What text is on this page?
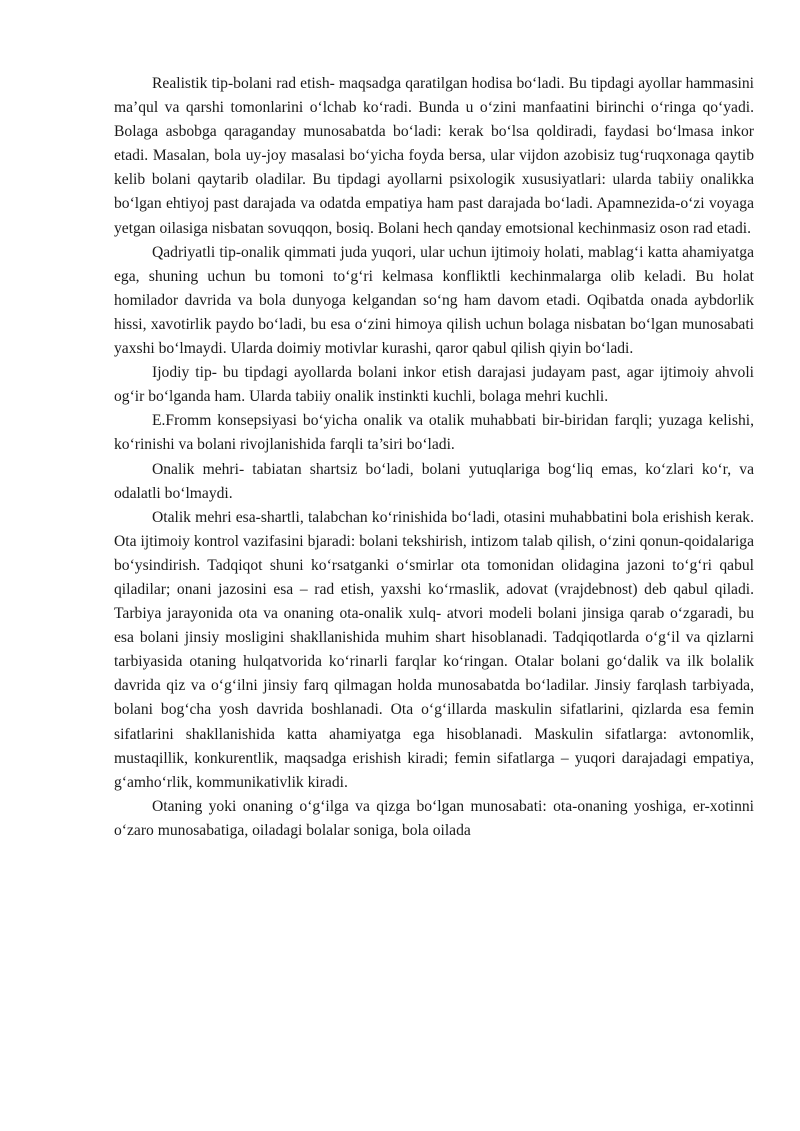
Realistik tip-bolani rad etish- maqsadga qaratilgan hodisa bo‘ladi. Bu tipdagi ayollar hammasini ma’qul va qarshi tomonlarini o‘lchab ko‘radi. Bunda u o‘zini manfaatini birinchi o‘ringa qo‘yadi. Bolaga asbobga qaraganday munosabatda bo‘ladi: kerak bo‘lsa qoldiradi, faydasi bo‘lmasa inkor etadi. Masalan, bola uy-joy masalasi bo‘yicha foyda bersa, ular vijdon azobisiz tug‘ruqxonaga qaytib kelib bolani qaytarib oladilar. Bu tipdagi ayollarni psixologik xususiyatlari: ularda tabiiy onalikka bo‘lgan ehtiyoj past darajada va odatda empatiya ham past darajada bo‘ladi. Apamnezida-o‘zi voyaga yetgan oilasiga nisbatan sovuqqon, bosiq. Bolani hech qanday emotsional kechinmasiz oson rad etadi.

Qadriyatli tip-onalik qimmati juda yuqori, ular uchun ijtimoiy holati, mablag‘i katta ahamiyatga ega, shuning uchun bu tomoni to‘g‘ri kelmasa konfliktli kechinmalarga olib keladi. Bu holat homilador davrida va bola dunyoga kelgandan so‘ng ham davom etadi. Oqibatda onada aybdorlik hissi, xavotirlik paydo bo‘ladi, bu esa o‘zini himoya qilish uchun bolaga nisbatan bo‘lgan munosabati yaxshi bo‘lmaydi. Ularda doimiy motivlar kurashi, qaror qabul qilish qiyin bo‘ladi.

Ijodiy tip- bu tipdagi ayollarda bolani inkor etish darajasi judayam past, agar ijtimoiy ahvoli og‘ir bo‘lganda ham. Ularda tabiiy onalik instinkti kuchli, bolaga mehri kuchli.

E.Fromm konsepsiyasi bo‘yicha onalik va otalik muhabbati bir-biridan farqli; yuzaga kelishi, ko‘rinishi va bolani rivojlanishida farqli ta’siri bo‘ladi.

Onalik mehri- tabiatan shartsiz bo‘ladi, bolani yutuqlariga bog‘liq emas, ko‘zlari ko‘r, va odalatli bo‘lmaydi.

Otalik mehri esa-shartli, talabchan ko‘rinishida bo‘ladi, otasini muhabbatini bola erishish kerak. Ota ijtimoiy kontrol vazifasini bjaradi: bolani tekshirish, intizom talab qilish, o‘zini qonun-qoidalariga bo‘ysindirish. Tadqiqot shuni ko‘rsatganki o‘smirlar ota tomonidan olidagina jazoni to‘g‘ri qabul qiladilar; onani jazosini esa – rad etish, yaxshi ko‘rmaslik, adovat (vrajdebnost) deb qabul qiladi. Tarbiya jarayonida ota va onaning ota-onalik xulq- atvori modeli bolani jinsiga qarab o‘zgaradi, bu esa bolani jinsiy mosligini shakllanishida muhim shart hisoblanadi. Tadqiqotlarda o‘g‘il va qizlarni tarbiyasida otaning hulqatvorida ko‘rinarli farqlar ko‘ringan. Otalar bolani go‘dalik va ilk bolalik davrida qiz va o‘g‘ilni jinsiy farq qilmagan holda munosabatda bo‘ladilar. Jinsiy farqlash tarbiyada, bolani bog‘cha yosh davrida boshlanadi. Ota o‘g‘illarda maskulin sifatlarini, qizlarda esa femin sifatlarini shakllanishida katta ahamiyatga ega hisoblanadi. Maskulin sifatlarga: avtonomlik, mustaqillik, konkurentlik, maqsadga erishish kiradi; femin sifatlarga – yuqori darajadagi empatiya, g‘amho‘rlik, kommunikativlik kiradi.

Otaning yoki onaning o‘g‘ilga va qizga bo‘lgan munosabati: ota-onaning yoshiga, er-xotinni o‘zaro munosabatiga, oiladagi bolalar soniga, bola oilada
